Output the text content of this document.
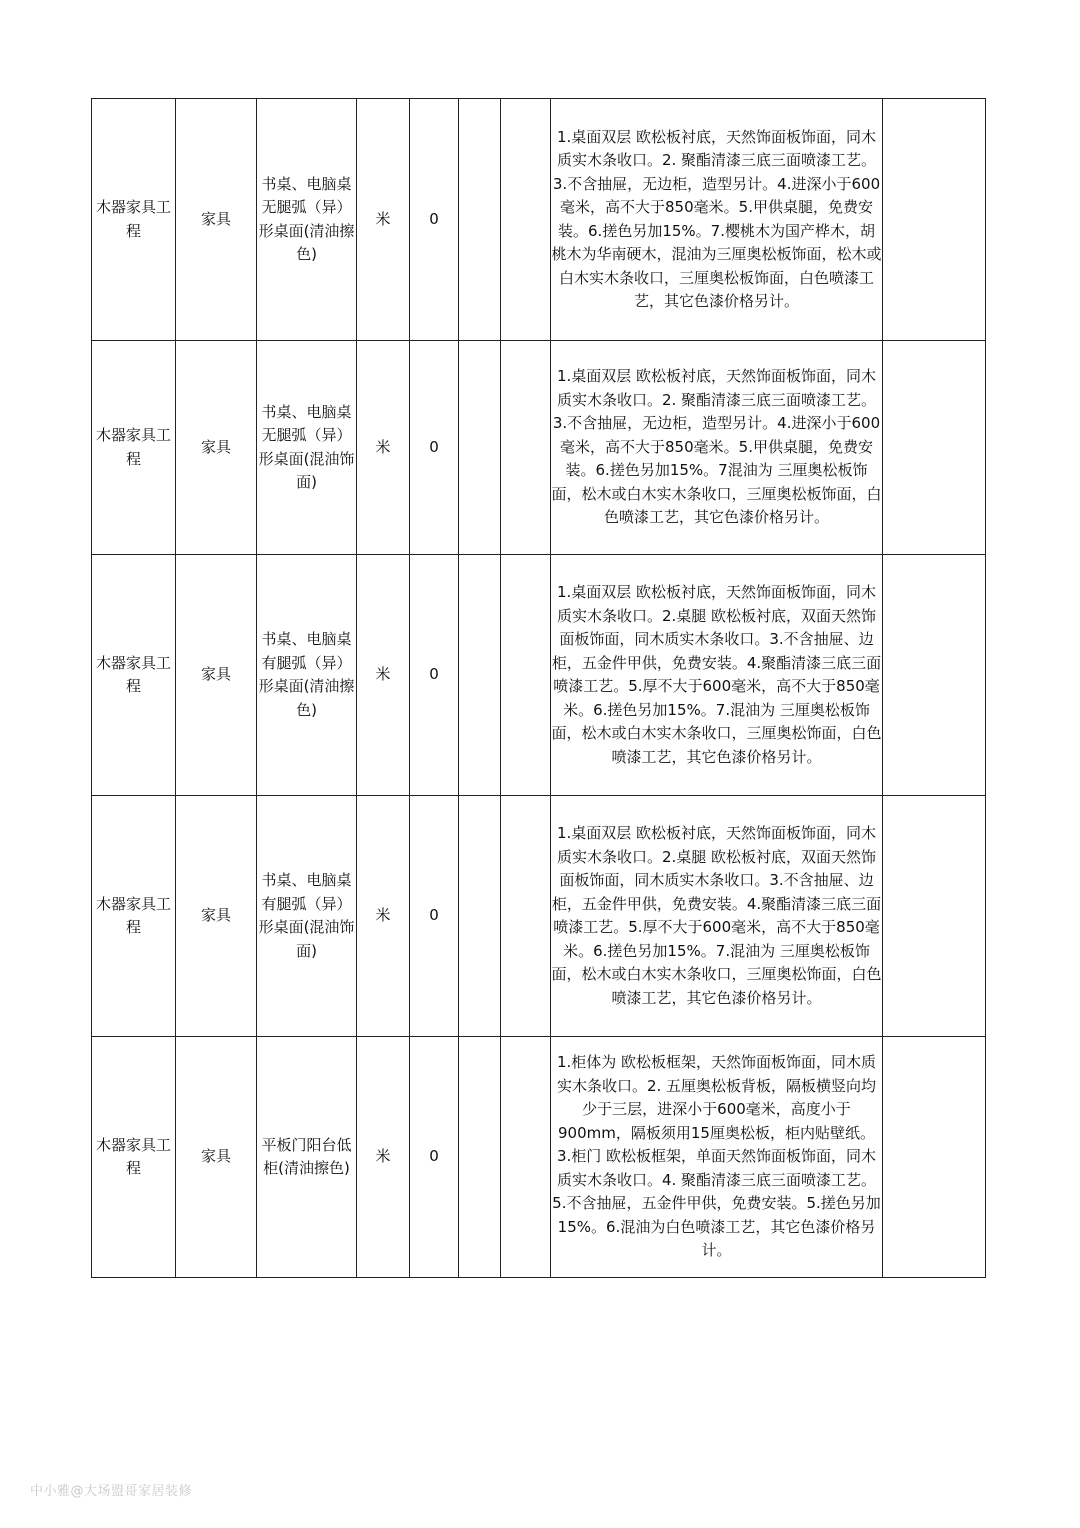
木器家具工程	家具	书桌、电脑桌无腿弧（异）形桌面(清油擦色)	米	0			1.桌面双层 欧松板衬底，天然饰面板饰面，同木质实木条收口。2. 聚酯清漆三底三面喷漆工艺。3.不含抽屉，无边柜，造型另计。4.进深小于600毫米，高不大于850毫米。5.甲供桌腿，免费安装。6.搓色另加15%。7.樱桃木为国产桦木，胡桃木为华南硬木，混油为三厘奥松板饰面，松木或白木实木条收口，三厘奥松板饰面，白色喷漆工艺，其它色漆价格另计。	
木器家具工程	家具	书桌、电脑桌无腿弧（异）形桌面(混油饰面)	米	0			1.桌面双层 欧松板衬底，天然饰面板饰面，同木质实木条收口。2. 聚酯清漆三底三面喷漆工艺。3.不含抽屉，无边柜，造型另计。4.进深小于600毫米，高不大于850毫米。5.甲供桌腿，免费安装。6.搓色另加15%。7混油为 三厘奥松板饰面，松木或白木实木条收口，三厘奥松板饰面，白色喷漆工艺，其它色漆价格另计。	
木器家具工程	家具	书桌、电脑桌有腿弧（异）形桌面(清油擦色)	米	0			1.桌面双层 欧松板衬底，天然饰面板饰面，同木质实木条收口。2.桌腿 欧松板衬底，双面天然饰面板饰面，同木质实木条收口。3.不含抽屉、边柜，五金件甲供，免费安装。4.聚酯清漆三底三面喷漆工艺。5.厚不大于600毫米，高不大于850毫米。6.搓色另加15%。7.混油为 三厘奥松板饰面，松木或白木实木条收口，三厘奥松饰面，白色喷漆工艺，其它色漆价格另计。	
木器家具工程	家具	书桌、电脑桌有腿弧（异）形桌面(混油饰面)	米	0			1.桌面双层 欧松板衬底，天然饰面板饰面，同木质实木条收口。2.桌腿 欧松板衬底，双面天然饰面板饰面，同木质实木条收口。3.不含抽屉、边柜，五金件甲供，免费安装。4.聚酯清漆三底三面喷漆工艺。5.厚不大于600毫米，高不大于850毫米。6.搓色另加15%。7.混油为 三厘奥松板饰面，松木或白木实木条收口，三厘奥松饰面，白色喷漆工艺，其它色漆价格另计。	
木器家具工程	家具	平板门阳台低柜(清油擦色)	米	0			1.柜体为 欧松板框架，天然饰面板饰面，同木质实木条收口。2. 五厘奥松板背板，隔板横竖向均少于三层，进深小于600毫米，高度小于900mm，隔板须用15厘奥松板，柜内贴壁纸。3.柜门 欧松板框架，单面天然饰面板饰面，同木质实木条收口。4. 聚酯清漆三底三面喷漆工艺。5.不含抽屉，五金件甲供，免费安装。5.搓色另加15%。6.混油为白色喷漆工艺，其它色漆价格另计。	
中小雅@大场盟哥家居装修
